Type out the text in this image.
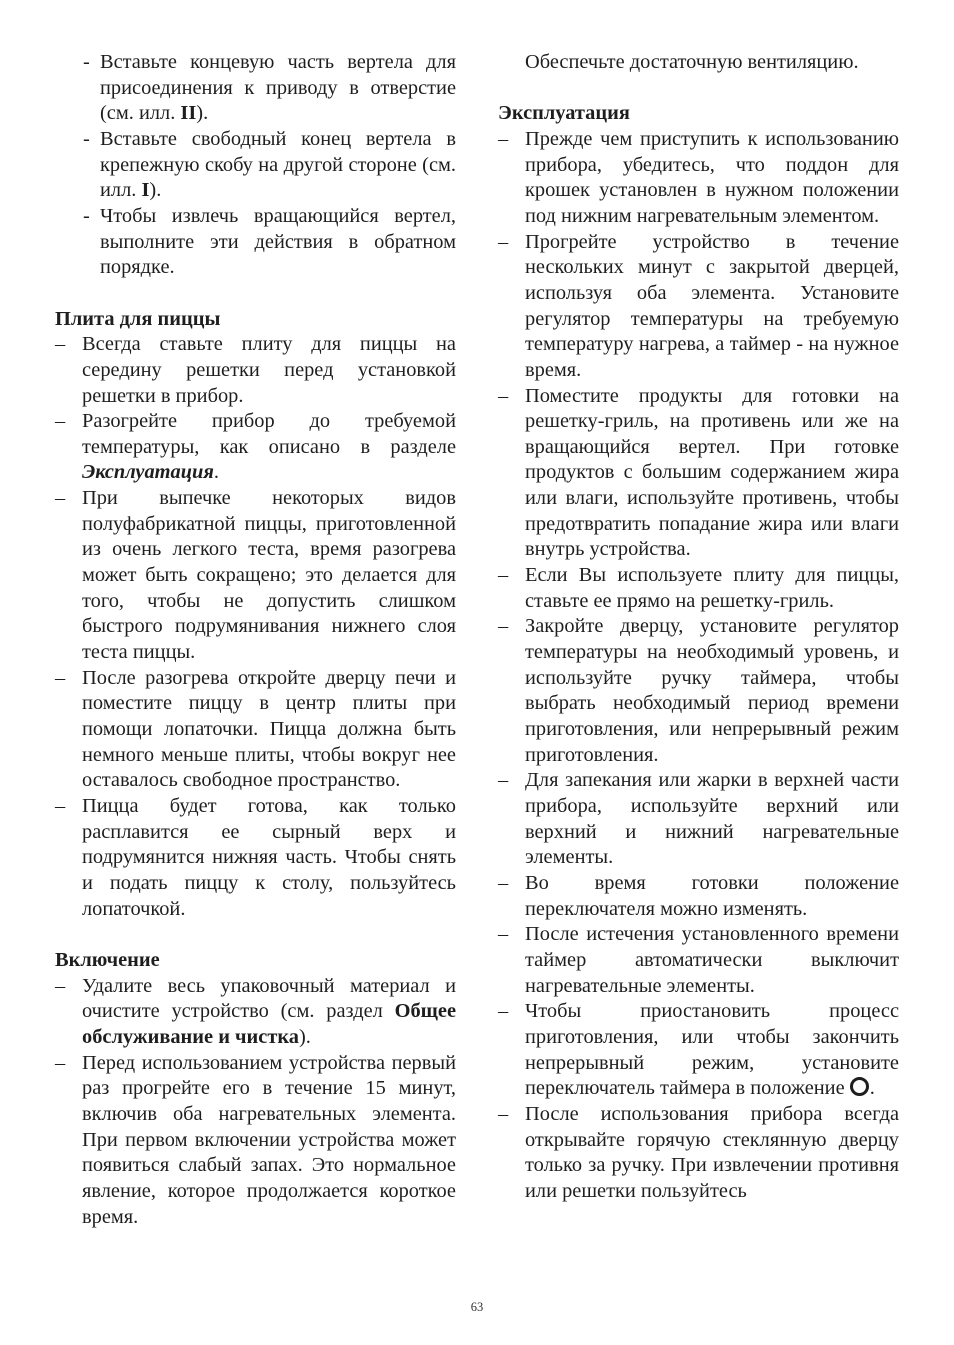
- Вставьте концевую часть вертела для присоединения к приводу в отверстие (см. илл. II).
- Вставьте свободный конец вертела в крепежную скобу на другой стороне (см. илл. I).
- Чтобы извлечь вращающийся вертел, выполните эти действия в обратном порядке.

Плита для пиццы

– Всегда ставьте плиту для пиццы на середину решетки перед установкой решетки в прибор.
– Разогрейте прибор до требуемой температуры, как описано в разделе Эксплуатация.
– При выпечке некоторых видов полуфабрикатной пиццы, приготовленной из очень легкого теста, время разогрева может быть сокращено; это делается для того, чтобы не допустить слишком быстрого подрумянивания нижнего слоя теста пиццы.
– После разогрева откройте дверцу печи и поместите пиццу в центр плиты при помощи лопаточки. Пицца должна быть немного меньше плиты, чтобы вокруг нее оставалось свободное пространство.
– Пицца будет готова, как только расплавится ее сырный верх и подрумянится нижняя часть. Чтобы снять и подать пиццу к столу, пользуйтесь лопаточкой.

Включение

– Удалите весь упаковочный материал и очистите устройство (см. раздел Общее обслуживание и чистка).
– Перед использованием устройства первый раз прогрейте его в течение 15 минут, включив оба нагревательных элемента. При первом включении устройства может появиться слабый запах. Это нормальное явление, которое продолжается короткое время.

Обеспечьте достаточную вентиляцию.

Эксплуатация

– Прежде чем приступить к использованию прибора, убедитесь, что поддон для крошек установлен в нужном положении под нижним нагревательным элементом.
– Прогрейте устройство в течение нескольких минут с закрытой дверцей, используя оба элемента. Установите регулятор температуры на требуемую температуру нагрева, а таймер - на нужное время.
– Поместите продукты для готовки на решетку-гриль, на противень или же на вращающийся вертел. При готовке продуктов с большим содержанием жира или влаги, используйте противень, чтобы предотвратить попадание жира или влаги внутрь устройства.
– Если Вы используете плиту для пиццы, ставьте ее прямо на решетку-гриль.
– Закройте дверцу, установите регулятор температуры на необходимый уровень, и используйте ручку таймера, чтобы выбрать необходимый период времени приготовления, или непрерывный режим приготовления.
– Для запекания или жарки в верхней части прибора, используйте верхний или верхний и нижний нагревательные элементы.
– Во время готовки положение переключателя можно изменять.
– После истечения установленного времени таймер автоматически выключит нагревательные элементы.
– Чтобы приостановить процесс приготовления, или чтобы закончить непрерывный режим, установите переключатель таймера в положение .
– После использования прибора всегда открывайте горячую стеклянную дверцу только за ручку. При извлечении противня или решетки пользуйтесь
63
